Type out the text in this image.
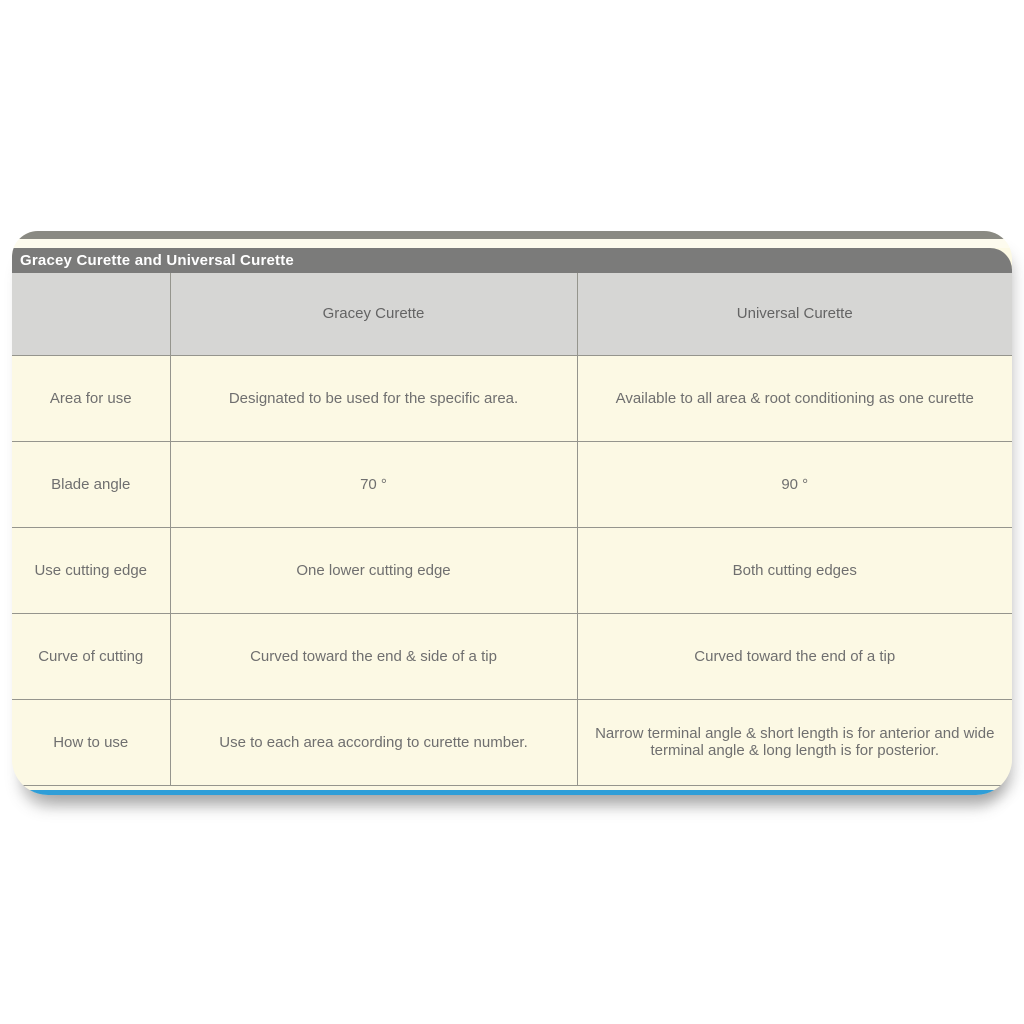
Gracey Curette and Universal Curette
	Gracey Curette	Universal Curette
Area for use	Designated to be used for the specific area.	Available to all area & root conditioning as one curette
Blade angle	70 °	90 °
Use cutting edge	One lower cutting edge	Both cutting edges
Curve of cutting	Curved toward the end & side of a tip	Curved toward the end of a tip
How to use	Use to each area according to curette number.	Narrow terminal angle & short length is for anterior and wide terminal angle & long length is for posterior.
